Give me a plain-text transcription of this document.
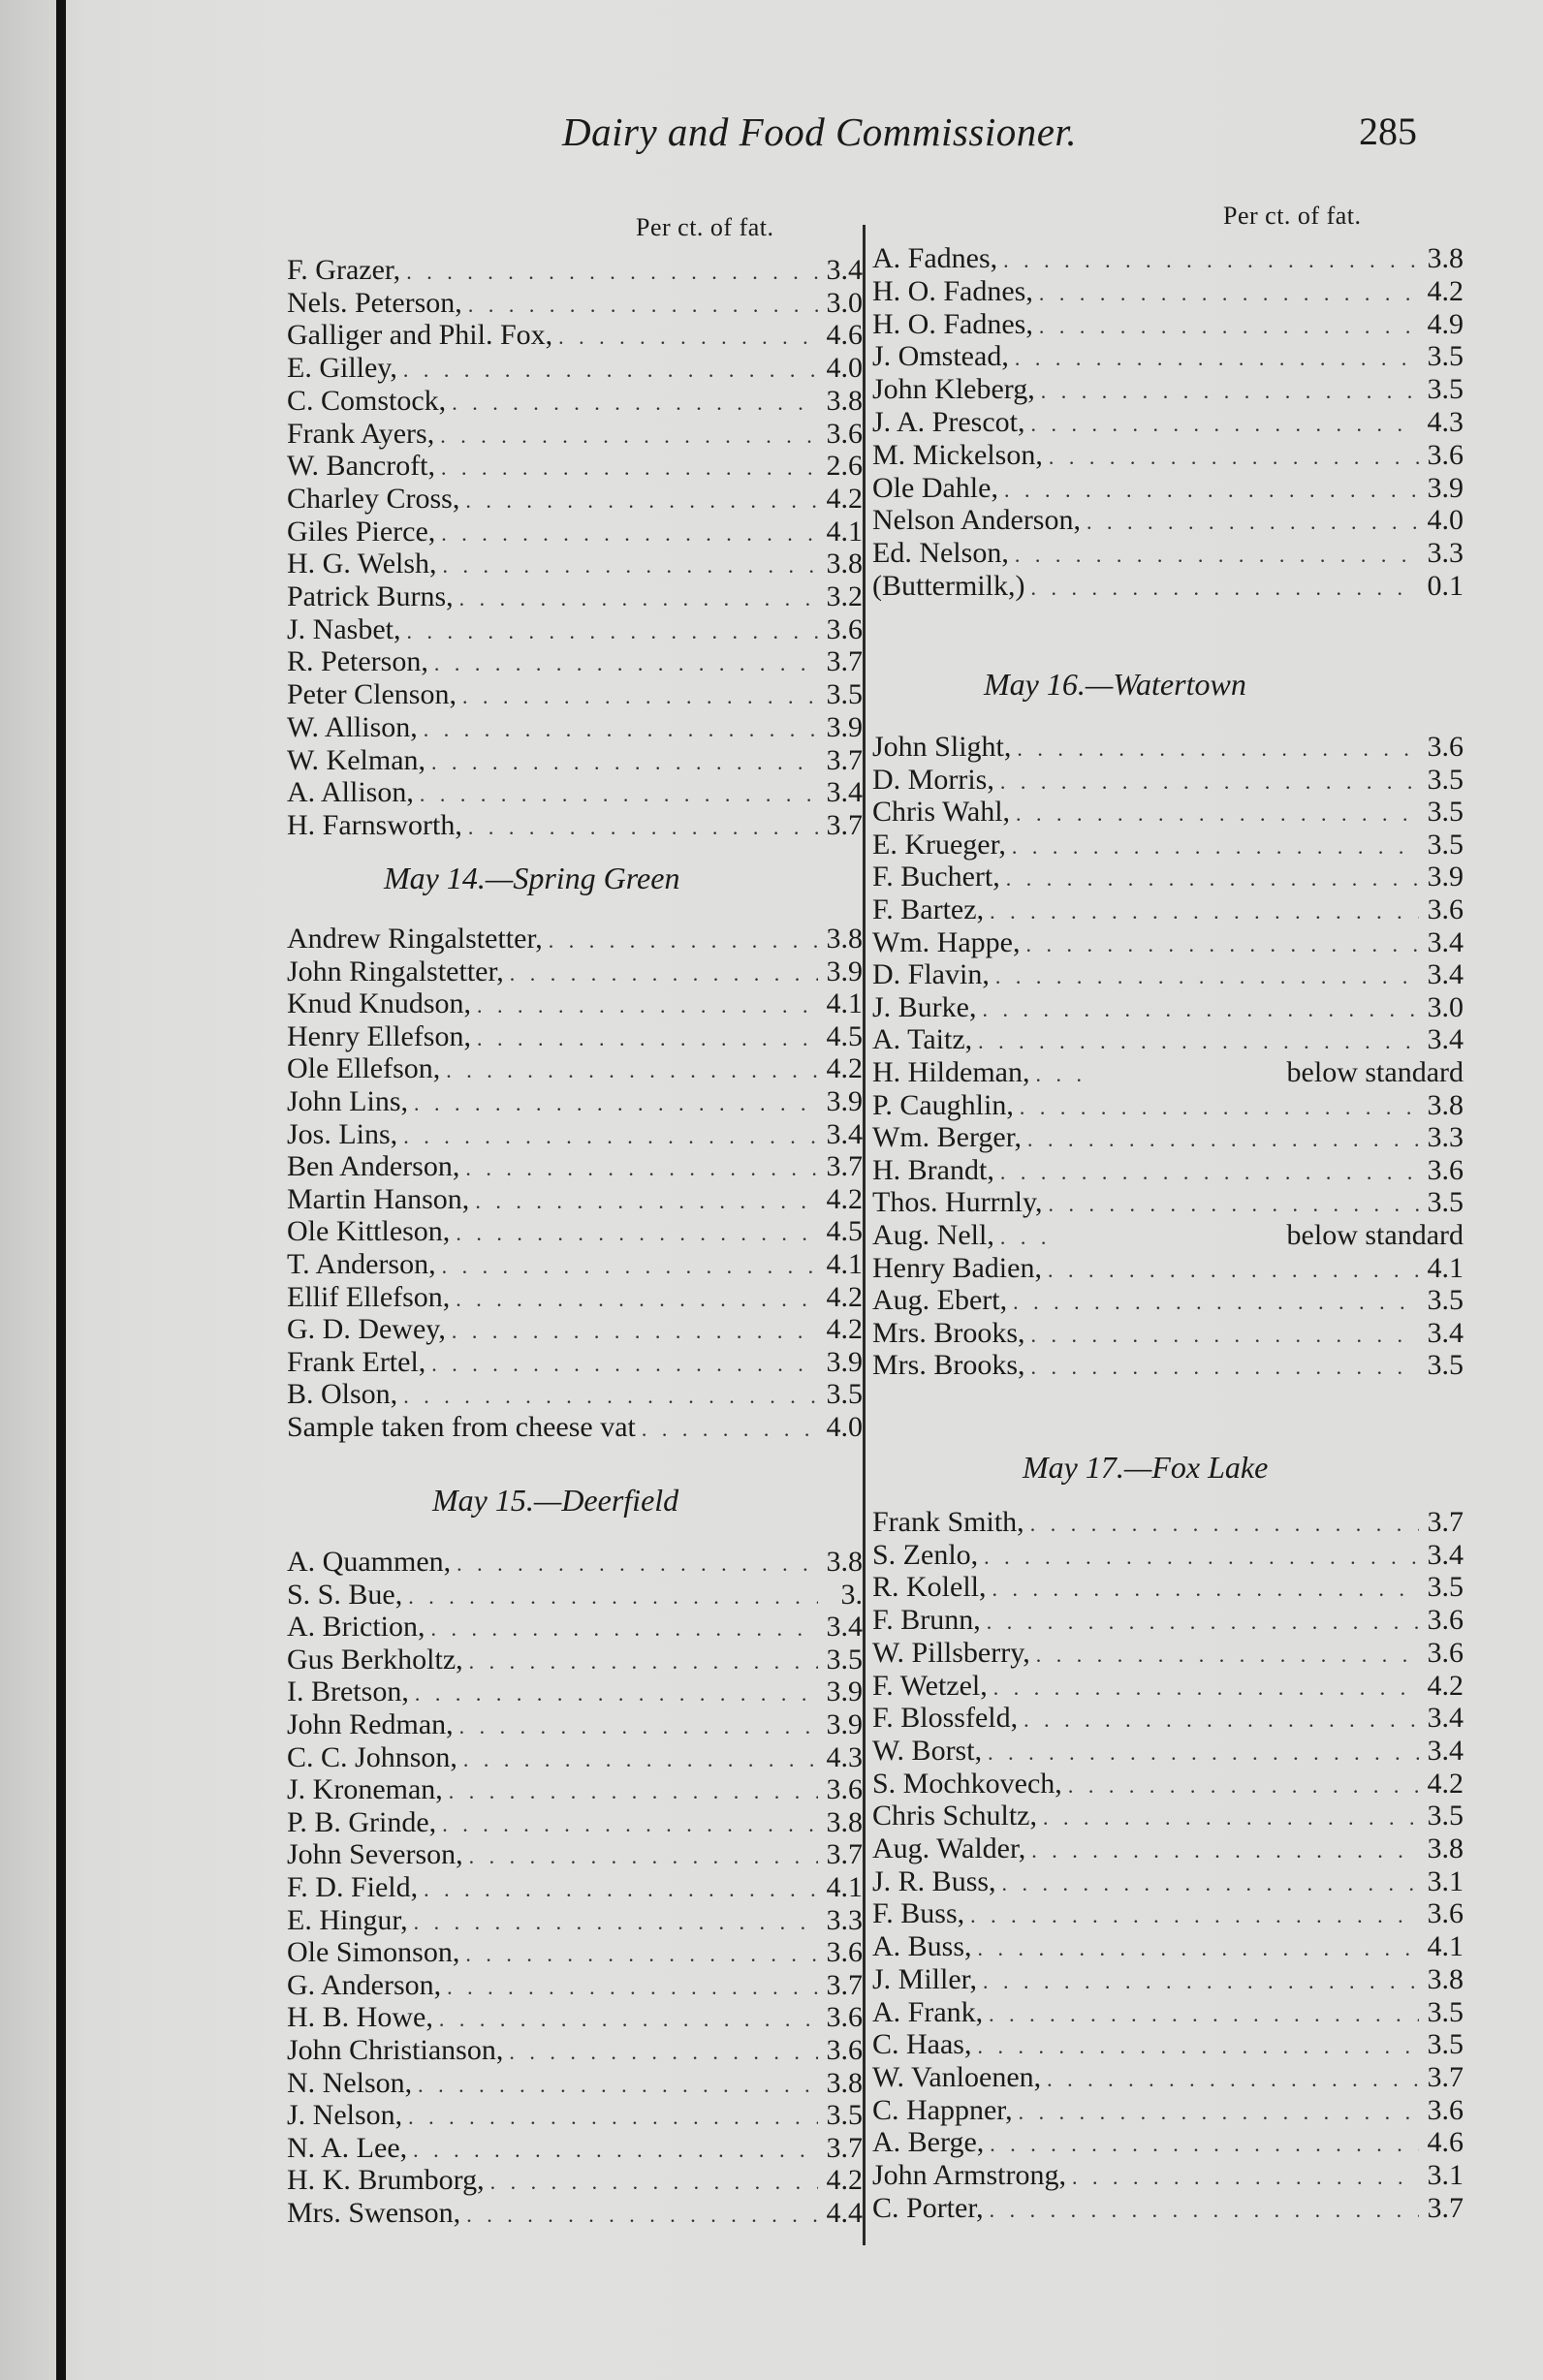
Dairy and Food Commissioner.	285
Per ct. of fat.
May 14.—Spring Green
May 15.—Deerfield
F. Grazer, . . .	3.4
Nels. Peterson, . . .	3.0
Galliger and Phil. Fox, . . .	4.6
E. Gilley, . . .	4.0
C. Comstock, . . .	3.8
Frank Ayers, . . .	3.6
W. Bancroft, . . .	2.6
Charley Cross, . . .	4.2
Giles Pierce, . . .	4.1
H. G. Welsh, . . .	3.8
Patrick Burns, . . .	3.2
J. Nasbet, . . .	3.6
R. Peterson, . . .	3.7
Peter Clenson, . . .	3.5
W. Allison, . . .	3.9
W. Kelman, . . .	3.7
A. Allison, . . .	3.4
H. Farnsworth, . . .	3.7
Andrew Ringalstetter, . . .	3.8
John Ringalstetter, . . .	3.9
Knud Knudson, . . .	4.1
Henry Ellefson, . . .	4.5
Ole Ellefson, . . .	4.2
John Lins, . . .	3.9
Jos. Lins, . . .	3.4
Ben Anderson, . . .	3.7
Martin Hanson, . . .	4.2
Ole Kittleson, . . .	4.5
T. Anderson, . . .	4.1
Ellif Ellefson, . . .	4.2
G. D. Dewey, . . .	4.2
Frank Ertel, . . .	3.9
B. Olson, . . .	3.5
Sample taken from cheese vat . . .	4.0
A. Quammen, . . .	3.8
S. S. Bue, . . .	3.
A. Briction, . . .	3.4
Gus Berkholtz, . . .	3.5
I. Bretson, . . .	3.9
John Redman, . . .	3.9
C. C. Johnson, . . .	4.3
J. Kroneman, . . .	3.6
P. B. Grinde, . . .	3.8
John Severson, . . .	3.7
F. D. Field, . . .	4.1
E. Hingur, . . .	3.3
Ole Simonson, . . .	3.6
G. Anderson, . . .	3.7
H. B. Howe, . . .	3.6
John Christianson, . . .	3.6
N. Nelson, . . .	3.8
J. Nelson, . . .	3.5
N. A. Lee, . . .	3.7
H. K. Brumborg, . . .	4.2
Mrs. Swenson, . . .	4.4
Per ct. of fat.
May 16.—Watertown
May 17.—Fox Lake
A. Fadnes, . . .	3.8
H. O. Fadnes, . . .	4.2
H. O. Fadnes, . . .	4.9
J. Omstead, . . .	3.5
John Kleberg, . . .	3.5
J. A. Prescot, . . .	4.3
M. Mickelson, . . .	3.6
Ole Dahle, . . .	3.9
Nelson Anderson, . . .	4.0
Ed. Nelson, . . .	3.3
(Buttermilk,) . . .	0.1
John Slight, . . .	3.6
D. Morris, . . .	3.5
Chris Wahl, . . .	3.5
E. Krueger, . . .	3.5
F. Buchert, . . .	3.9
F. Bartez, . . .	3.6
Wm. Happe, . . .	3.4
D. Flavin, . . .	3.4
J. Burke, . . .	3.0
A. Taitz, . . .	3.4
H. Hildeman, . . .	below standard
P. Caughlin, . . .	3.8
Wm. Berger, . . .	3.3
H. Brandt, . . .	3.6
Thos. Hurrnly, . . .	3.5
Aug. Nell, . . .	below standard
Henry Badien, . . .	4.1
Aug. Ebert, . . .	3.5
Mrs. Brooks, . . .	3.4
Mrs. Brooks, . . .	3.5
Frank Smith, . . .	3.7
S. Zenlo, . . .	3.4
R. Kolell, . . .	3.5
F. Brunn, . . .	3.6
W. Pillsberry, . . .	3.6
F. Wetzel, . . .	4.2
F. Blossfeld, . . .	3.4
W. Borst, . . .	3.4
S. Mochkovech, . . .	4.2
Chris Schultz, . . .	3.5
Aug. Walder, . . .	3.8
J. R. Buss, . . .	3.1
F. Buss, . . .	3.6
A. Buss, . . .	4.1
J. Miller, . . .	3.8
A. Frank, . . .	3.5
C. Haas, . . .	3.5
W. Vanloenen, . . .	3.7
C. Happner, . . .	3.6
A. Berge, . . .	4.6
John Armstrong, . . .	3.1
C. Porter, . . .	3.7
